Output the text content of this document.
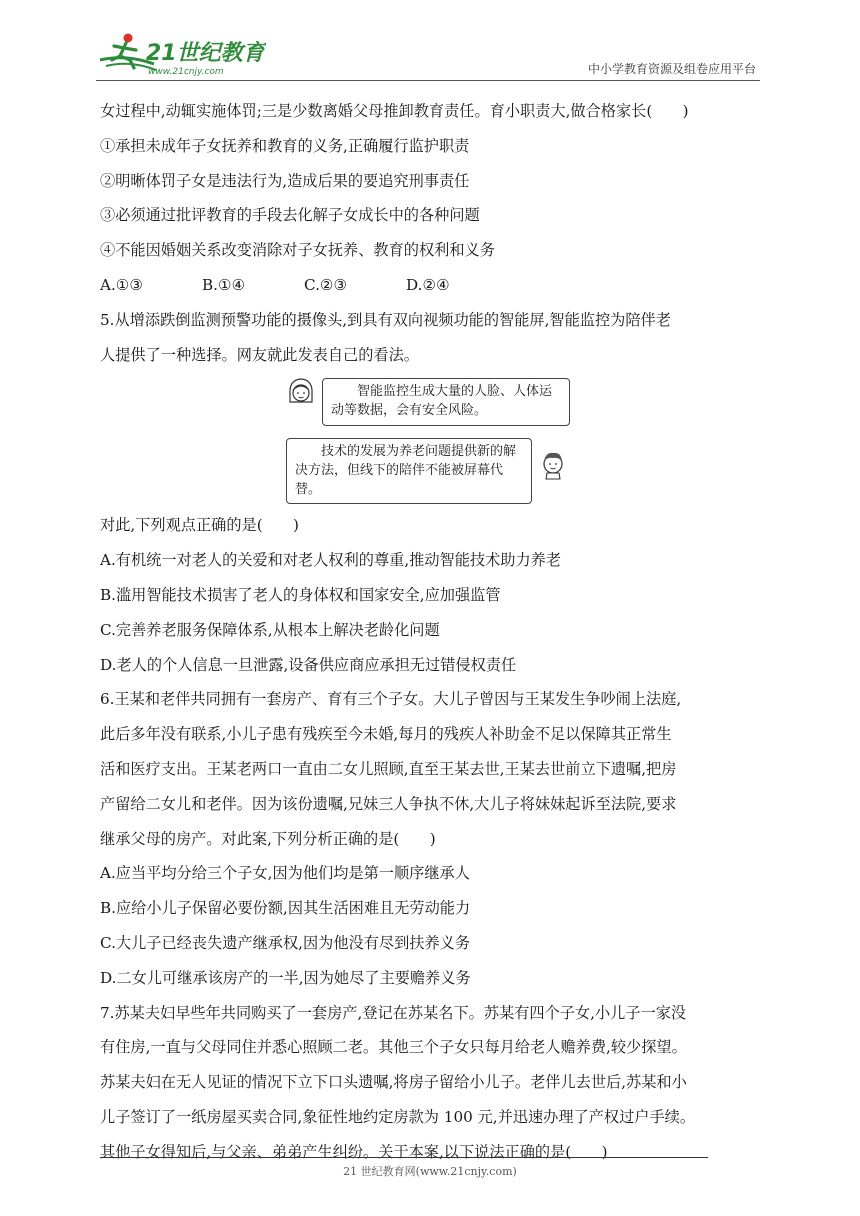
21世纪教育
www.21cnjy.com	中小学教育资源及组卷应用平台
女过程中,动辄实施体罚;三是少数离婚父母推卸教育责任。育小职责大,做合格家长(　　)
①承担未成年子女抚养和教育的义务,正确履行监护职责
②明晰体罚子女是违法行为,造成后果的要追究刑事责任
③必须通过批评教育的手段去化解子女成长中的各种问题
④不能因婚姻关系改变消除对子女抚养、教育的权利和义务
A.①③	B.①④	C.②③	D.②④
5.从增添跌倒监测预警功能的摄像头,到具有双向视频功能的智能屏,智能监控为陪伴老
人提供了一种选择。网友就此发表自己的看法。
智能监控生成大量的人脸、人体运动等数据，会有安全风险。
技术的发展为养老问题提供新的解决方法，但线下的陪伴不能被屏幕代替。
对此,下列观点正确的是(　　)
A.有机统一对老人的关爱和对老人权利的尊重,推动智能技术助力养老
B.滥用智能技术损害了老人的身体权和国家安全,应加强监管
C.完善养老服务保障体系,从根本上解决老龄化问题
D.老人的个人信息一旦泄露,设备供应商应承担无过错侵权责任
6.王某和老伴共同拥有一套房产、育有三个子女。大儿子曾因与王某发生争吵闹上法庭,
此后多年没有联系,小儿子患有残疾至今未婚,每月的残疾人补助金不足以保障其正常生
活和医疗支出。王某老两口一直由二女儿照顾,直至王某去世,王某去世前立下遗嘱,把房
产留给二女儿和老伴。因为该份遗嘱,兄妹三人争执不休,大儿子将妹妹起诉至法院,要求
继承父母的房产。对此案,下列分析正确的是(　　)
A.应当平均分给三个子女,因为他们均是第一顺序继承人
B.应给小儿子保留必要份额,因其生活困难且无劳动能力
C.大儿子已经丧失遗产继承权,因为他没有尽到扶养义务
D.二女儿可继承该房产的一半,因为她尽了主要赡养义务
7.苏某夫妇早些年共同购买了一套房产,登记在苏某名下。苏某有四个子女,小儿子一家没
有住房,一直与父母同住并悉心照顾二老。其他三个子女只每月给老人赡养费,较少探望。
苏某夫妇在无人见证的情况下立下口头遗嘱,将房子留给小儿子。老伴儿去世后,苏某和小
儿子签订了一纸房屋买卖合同,象征性地约定房款为 100 元,并迅速办理了产权过户手续。
其他子女得知后,与父亲、弟弟产生纠纷。关于本案,以下说法正确的是(　　)
21 世纪教育网(www.21cnjy.com)
